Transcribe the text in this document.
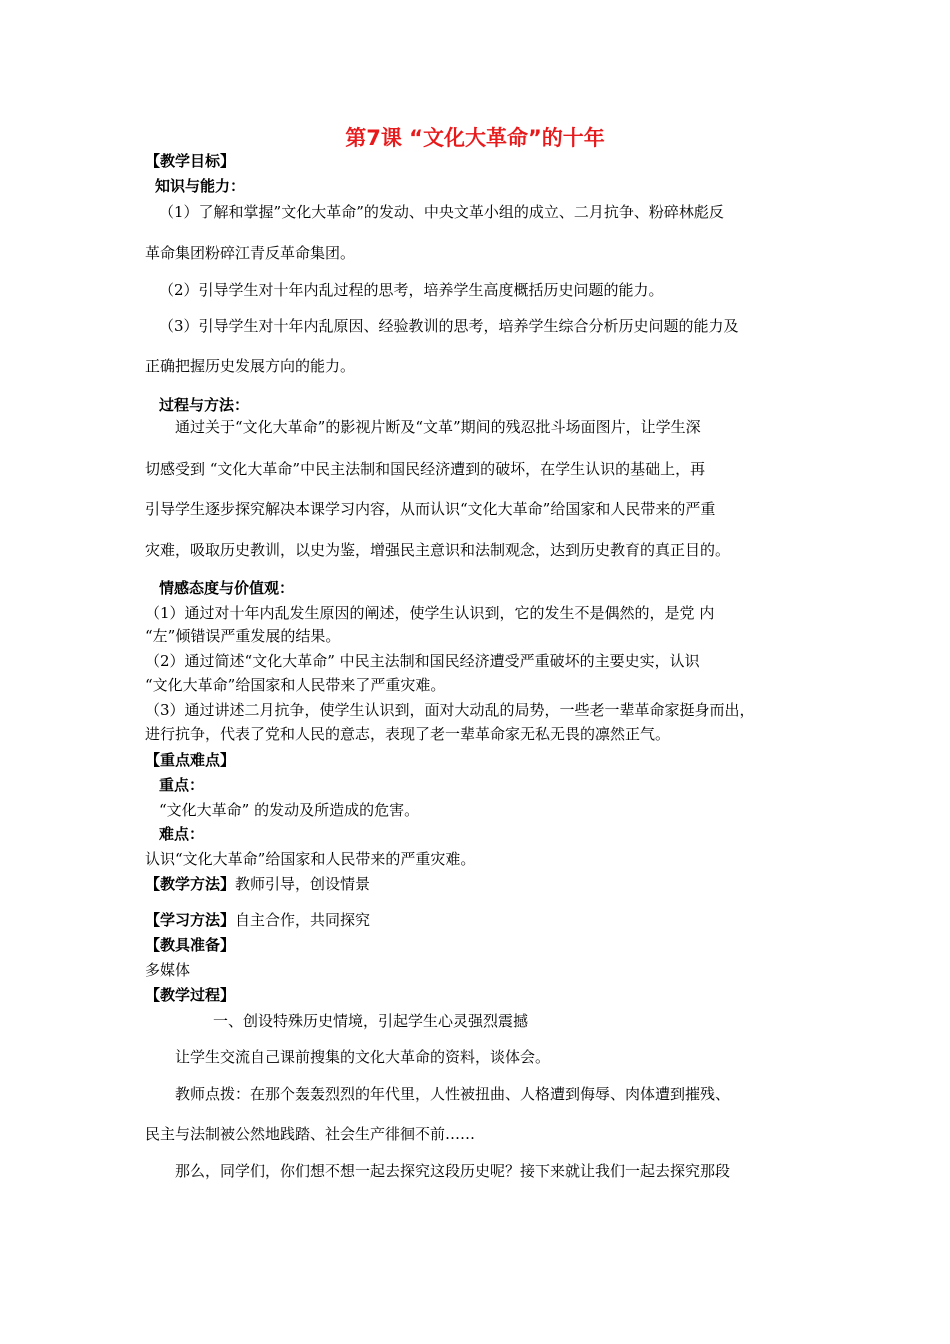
第7课 “文化大革命”的十年
【教学目标】
知识与能力：
（1）了解和掌握”文化大革命”的发动、中央文革小组的成立、二月抗争、粉碎林彪反
革命集团粉碎江青反革命集团。
（2）引导学生对十年内乱过程的思考，培养学生高度概括历史问题的能力。
（3）引导学生对十年内乱原因、经验教训的思考，培养学生综合分析历史问题的能力及
正确把握历史发展方向的能力。
过程与方法：
通过关于“文化大革命”的影视片断及“文革”期间的残忍批斗场面图片，让学生深
切感受到 “文化大革命”中民主法制和国民经济遭到的破坏，在学生认识的基础上，再
引导学生逐步探究解决本课学习内容，从而认识“文化大革命”给国家和人民带来的严重
灾难，吸取历史教训，以史为鉴，增强民主意识和法制观念，达到历史教育的真正目的。
情感态度与价值观：
（1）通过对十年内乱发生原因的阐述，使学生认识到，它的发生不是偶然的，是党 内
“左”倾错误严重发展的结果。
（2）通过简述“文化大革命” 中民主法制和国民经济遭受严重破坏的主要史实，认识
“文化大革命”给国家和人民带来了严重灾难。
（3）通过讲述二月抗争，使学生认识到，面对大动乱的局势，一些老一辈革命家挺身而出，
进行抗争，代表了党和人民的意志，表现了老一辈革命家无私无畏的凛然正气。
【重点难点】
重点：
“文化大革命” 的发动及所造成的危害。
难点：
认识“文化大革命”给国家和人民带来的严重灾难。
【教学方法】教师引导，创设情景
【学习方法】自主合作，共同探究
【教具准备】
多媒体
【教学过程】
一、创设特殊历史情境，引起学生心灵强烈震撼
让学生交流自己课前搜集的文化大革命的资料，谈体会。
教师点拨：在那个轰轰烈烈的年代里，人性被扭曲、人格遭到侮辱、肉体遭到摧残、
民主与法制被公然地践踏、社会生产徘徊不前……
那么，同学们，你们想不想一起去探究这段历史呢？接下来就让我们一起去探究那段
